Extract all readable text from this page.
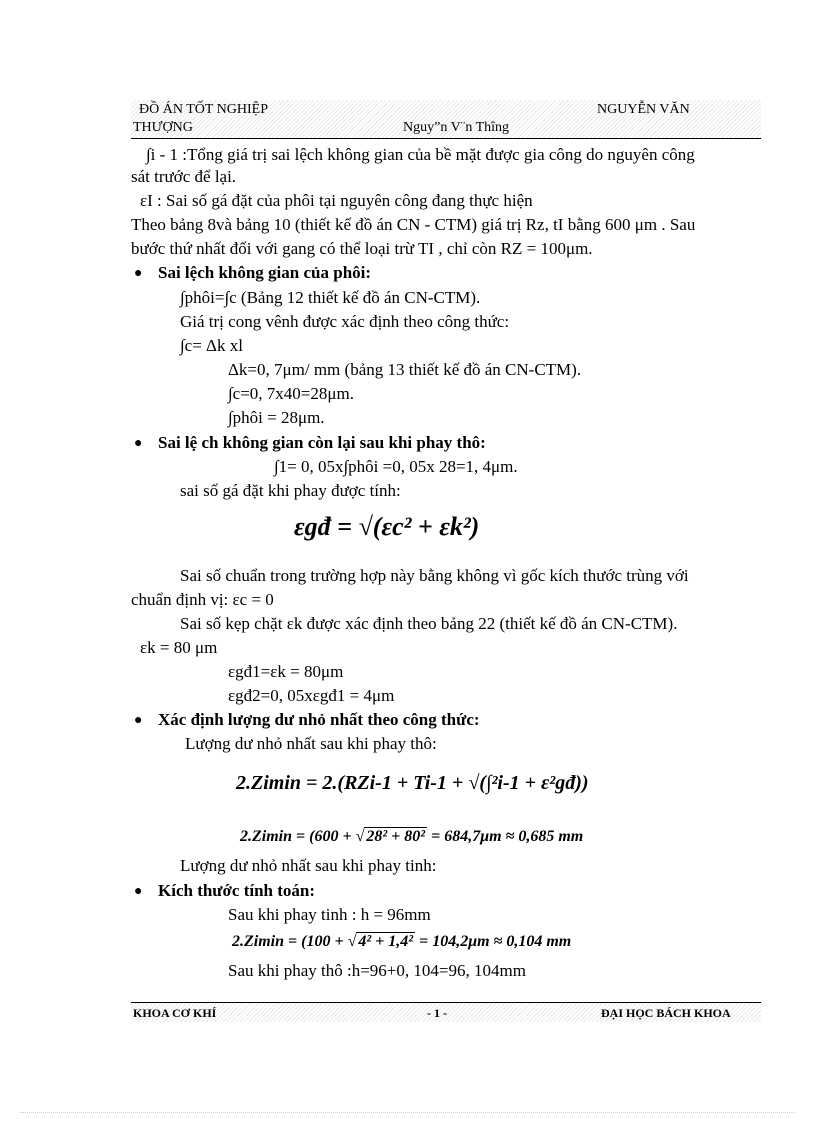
ĐỒ ÁN TỐT NGHIỆP	NGUYỄN VĂN
THƯỢNG	Nguy”n V¨n Thîng
∫i - 1 :Tổng giá trị sai lệch không gian của bề mặt được gia công do nguyên công
sát trước để lại.
εI : Sai số gá đặt của phôi tại nguyên công đang thực hiện
Theo bảng 8và bảng 10 (thiết kế đồ án CN - CTM) giá trị Rz, tI bằng 600 μm . Sau
bước thứ nhất đối với gang có thể loại trừ TI , chỉ còn RZ = 100μm.
● Sai lệch không gian của phôi:
∫phôi=∫c (Bảng 12 thiết kế đồ án CN-CTM).
Giá trị cong vênh được xác định theo công thức:
∫c= Δk xl
Δk=0, 7μm/ mm (bảng 13 thiết kế đồ án CN-CTM).
∫c=0, 7x40=28μm.
∫phôi = 28μm.
● Sai lệ ch không gian còn lại sau khi phay thô:
∫1= 0, 05x∫phôi =0, 05x 28=1, 4μm.
sai số gá đặt khi phay được tính:
εgđ = √(εc² + εk²)
Sai số chuẩn trong trường hợp này bằng không vì gốc kích thước trùng với
chuẩn định vị: εc = 0
Sai số kẹp chặt εk được xác định theo bảng 22 (thiết kế đồ án CN-CTM).
εk = 80 μm
εgđ1=εk = 80μm
εgđ2=0, 05xεgđ1 = 4μm
● Xác định lượng dư nhỏ nhất theo công thức:
Lượng dư nhỏ nhất sau khi phay thô:
2.Zimin = 2.(RZi-1 + Ti-1 + √(∫²i-1 + ε²gđ))
2.Zimin = (600 + √ 28² + 80² = 684,7μm ≈ 0,685 mm
Lượng dư nhỏ nhất sau khi phay tinh:
● Kích thước tính toán:
Sau khi phay tinh : h = 96mm
2.Zimin = (100 + √ 4² + 1,4² = 104,2μm ≈ 0,104 mm
Sau khi phay thô :h=96+0, 104=96, 104mm
KHOA CƠ KHÍ	- 1 -	ĐẠI HỌC BÁCH KHOA
